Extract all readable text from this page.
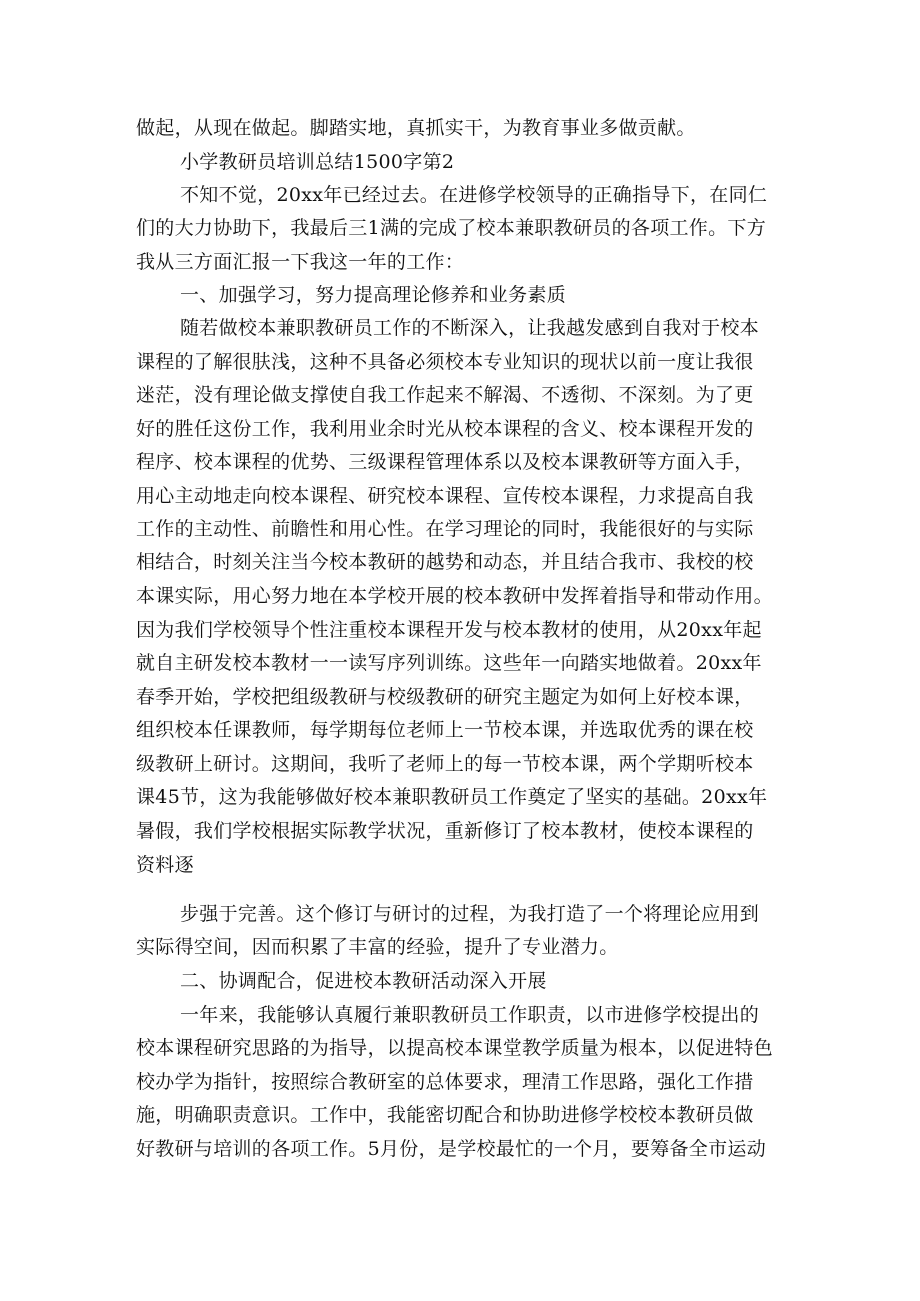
做起，从现在做起。脚踏实地，真抓实干，为教育事业多做贡献。
小学教研员培训总结1500字第2
不知不觉，20xx年已经过去。在进修学校领导的正确指导下，在同仁
们的大力协助下，我最后三1满的完成了校本兼职教研员的各项工作。下方
我从三方面汇报一下我这一年的工作：
一、加强学习，努力提高理论修养和业务素质
随若做校本兼职教研员工作的不断深入，让我越发感到自我对于校本
课程的了解很肤浅，这种不具备必须校本专业知识的现状以前一度让我很
迷茫，没有理论做支撑使自我工作起来不解渴、不透彻、不深刻。为了更
好的胜任这份工作，我利用业余时光从校本课程的含义、校本课程开发的
程序、校本课程的优势、三级课程管理体系以及校本课教研等方面入手，
用心主动地走向校本课程、研究校本课程、宣传校本课程，力求提高自我
工作的主动性、前瞻性和用心性。在学习理论的同时，我能很好的与实际
相结合，时刻关注当今校本教研的越势和动态，并且结合我市、我校的校
本课实际，用心努力地在本学校开展的校本教研中发挥着指导和带动作用。
因为我们学校领导个性注重校本课程开发与校本教材的使用，从20xx年起
就自主研发校本教材一一读写序列训练。这些年一向踏实地做着。20xx年
春季开始，学校把组级教研与校级教研的研究主题定为如何上好校本课，
组织校本任课教师，每学期每位老师上一节校本课，并选取优秀的课在校
级教研上研讨。这期间，我听了老师上的每一节校本课，两个学期听校本
课45节，这为我能够做好校本兼职教研员工作奠定了坚实的基础。20xx年
暑假，我们学校根据实际教学状况，重新修订了校本教材，使校本课程的
资料逐
步强于完善。这个修订与研讨的过程，为我打造了一个将理论应用到
实际得空间，因而积累了丰富的经验，提升了专业潜力。
二、协调配合，促进校本教研活动深入开展
一年来，我能够认真履行兼职教研员工作职责，以市进修学校提出的
校本课程研究思路的为指导，以提高校本课堂教学质量为根本，以促进特色
校办学为指针，按照综合教研室的总体要求，理清工作思路，强化工作措
施，明确职责意识。工作中，我能密切配合和协助进修学校校本教研员做
好教研与培训的各项工作。5月份，是学校最忙的一个月，要筹备全市运动
